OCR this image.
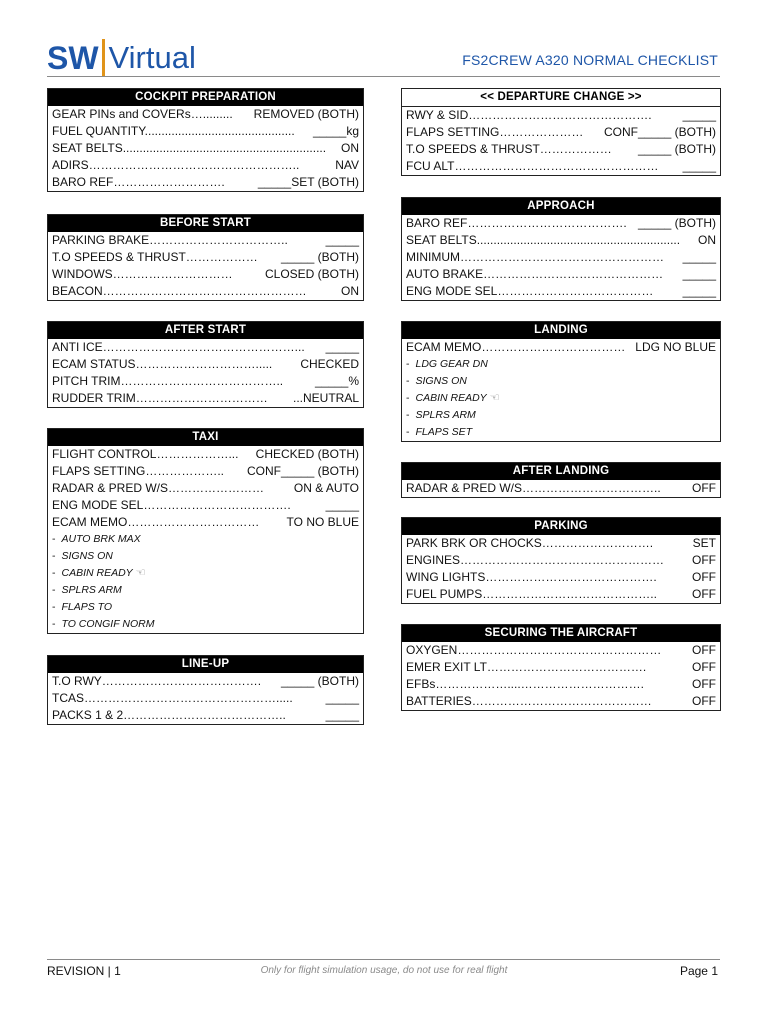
SW Virtual	FS2CREW A320 NORMAL CHECKLIST
COCKPIT PREPARATION
GEAR PINs and COVERs…......... REMOVED (BOTH)
FUEL QUANTITY............................................. _____kg
SEAT BELTS............................................................. ON
ADIRS……………………………………………..	NAV
BARO REF……………………….	_____SET (BOTH)
BEFORE START
PARKING BRAKE……………………………..	_____
T.O SPEEDS & THRUST……………… _____ (BOTH)
WINDOWS…………………………	CLOSED (BOTH)
BEACON……………………………………………	ON
AFTER START
ANTI ICE…………………………………………... _____
ECAM STATUS…………………………..... CHECKED
PITCH TRIM…………………………………..	_____%
RUDDER TRIM…………………………… ...NEUTRAL
TAXI
FLIGHT CONTROL………………... CHECKED (BOTH)
FLAPS SETTING……………….. CONF_____ (BOTH)
RADAR & PRED W/S…………………… ON & AUTO
ENG MODE SEL……………………………….	_____
ECAM MEMO…………………………… TO NO BLUE
- AUTO BRK MAX
- SIGNS ON
- CABIN READY ☜
- SPLRS ARM
- FLAPS TO
- TO CONGIF NORM
LINE-UP
T.O RWY…………………………………. _____ (BOTH)
TCAS………………………………………….....	_____
PACKS 1 & 2…………………………………..	_____
<< DEPARTURE CHANGE >>
RWY & SID……………………………………….	_____
FLAPS SETTING………………… CONF_____ (BOTH)
T.O SPEEDS & THRUST……………… _____ (BOTH)
FCU ALT…………………………………………… _____
APPROACH
BARO REF…………………………………. _____ (BOTH)
SEAT BELTS............................................................. ON
MINIMUM…………………………………………… _____
AUTO BRAKE……………………………………… _____
ENG MODE SEL………………………………… _____
LANDING
ECAM MEMO……………………………… LDG NO BLUE
- LDG GEAR DN
- SIGNS ON
- CABIN READY ☜
- SPLRS ARM
- FLAPS SET
AFTER LANDING
RADAR & PRED W/S……………………………..	OFF
PARKING
PARK BRK OR CHOCKS……………………….	SET
ENGINES…………………………………………… OFF
WING LIGHTS…………………………………….	OFF
FUEL PUMPS……………………………………..	OFF
SECURING THE AIRCRAFT
OXYGEN……………………………………………	OFF
EMER EXIT LT………………………………….	OFF
EFBs………………....………………………….	OFF
BATTERIES………………………………………	OFF
REVISION | 1	Only for flight simulation usage, do not use for real flight	Page 1
